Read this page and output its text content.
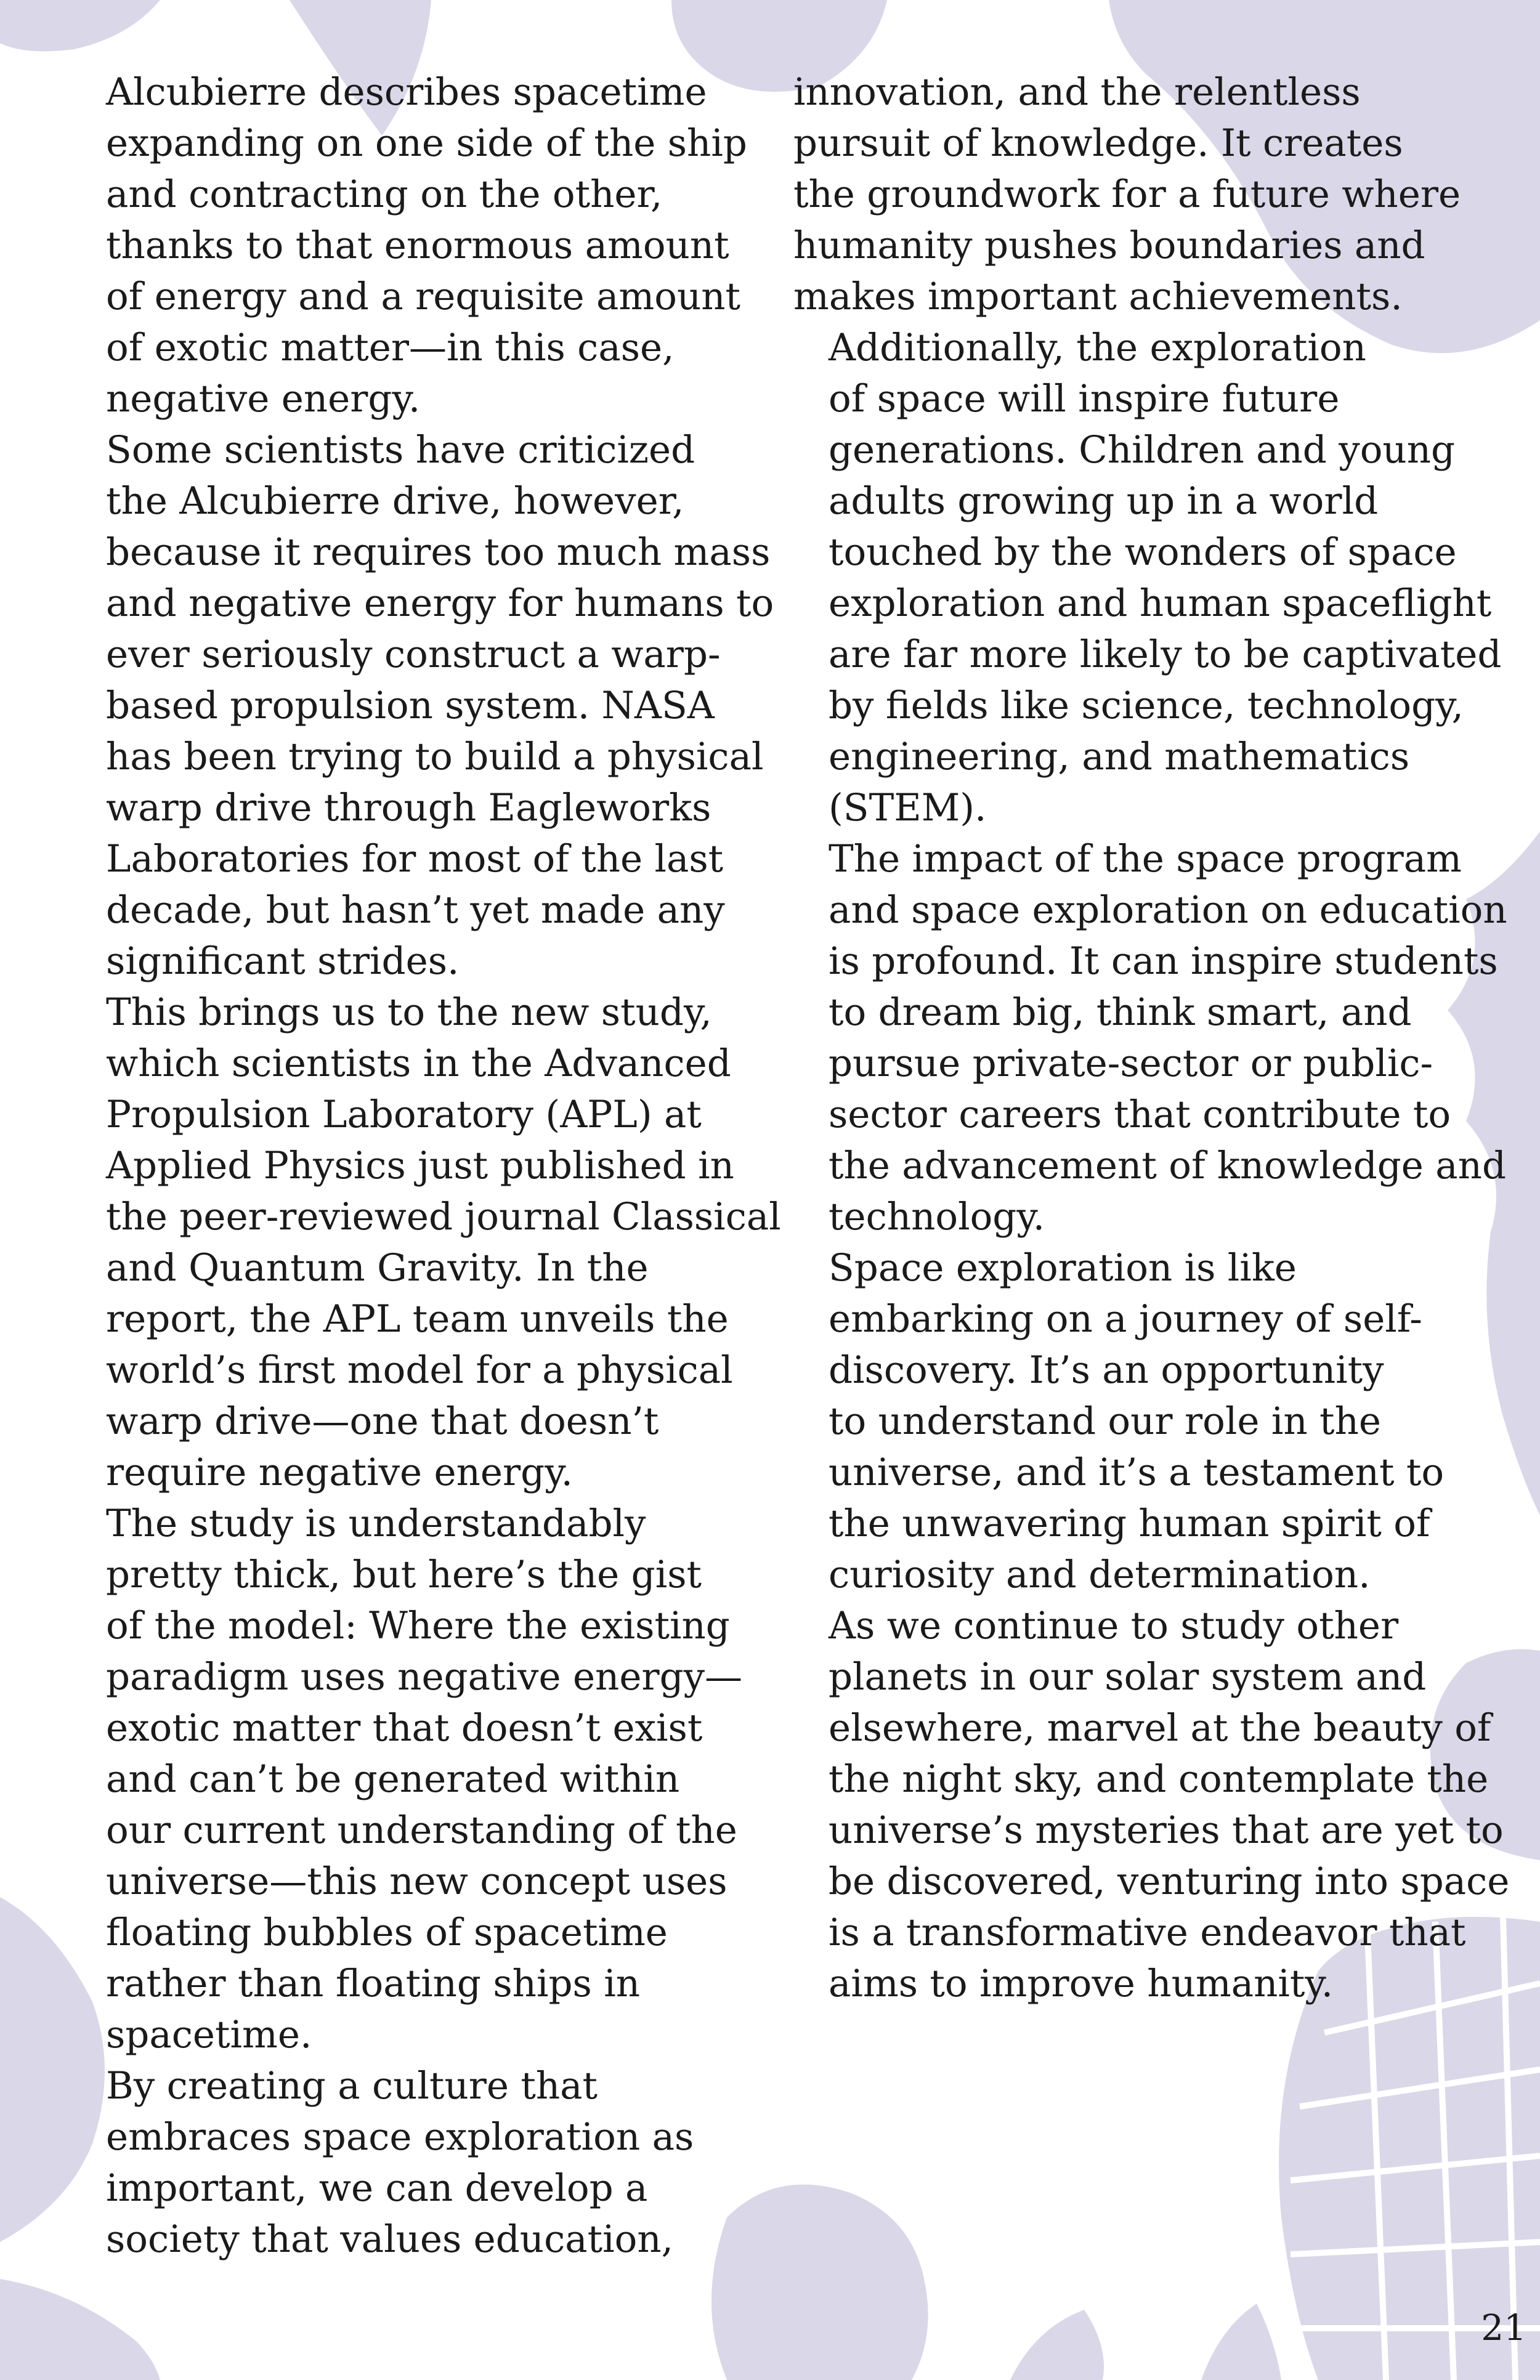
Alcubierre describes spacetime
expanding on one side of the ship
and contracting on the other,
thanks to that enormous amount
of energy and a requisite amount
of exotic matter—in this case,
negative energy.

Some scientists have criticized
the Alcubierre drive, however,
because it requires too much mass
and negative energy for humans to
ever seriously construct a warp-
based propulsion system. NASA
has been trying to build a physical
warp drive through Eagleworks
Laboratories for most of the last
decade, but hasn’t yet made any
significant strides.

This brings us to the new study,
which scientists in the Advanced
Propulsion Laboratory (APL) at
Applied Physics just published in
the peer-reviewed journal Classical
and Quantum Gravity. In the
report, the APL team unveils the
world’s first model for a physical
warp drive—one that doesn’t
require negative energy.

The study is understandably
pretty thick, but here’s the gist
of the model: Where the existing
paradigm uses negative energy—
exotic matter that doesn’t exist
and can’t be generated within
our current understanding of the
universe—this new concept uses
floating bubbles of spacetime
rather than floating ships in
spacetime.

By creating a culture that
embraces space exploration as
important, we can develop a
society that values education,

innovation, and the relentless
pursuit of knowledge. It creates
the groundwork for a future where
humanity pushes boundaries and
makes important achievements.

Additionally, the exploration
of space will inspire future
generations. Children and young
adults growing up in a world
touched by the wonders of space
exploration and human spaceflight
are far more likely to be captivated
by fields like science, technology,
engineering, and mathematics
(STEM).

The impact of the space program
and space exploration on education
is profound. It can inspire students
to dream big, think smart, and
pursue private-sector or public-
sector careers that contribute to
the advancement of knowledge and
technology.

Space exploration is like
embarking on a journey of self-
discovery. It’s an opportunity
to understand our role in the
universe, and it’s a testament to
the unwavering human spirit of
curiosity and determination.

As we continue to study other
planets in our solar system and
elsewhere, marvel at the beauty of
the night sky, and contemplate the
universe’s mysteries that are yet to
be discovered, venturing into space
is a transformative endeavor that
aims to improve humanity.

21
